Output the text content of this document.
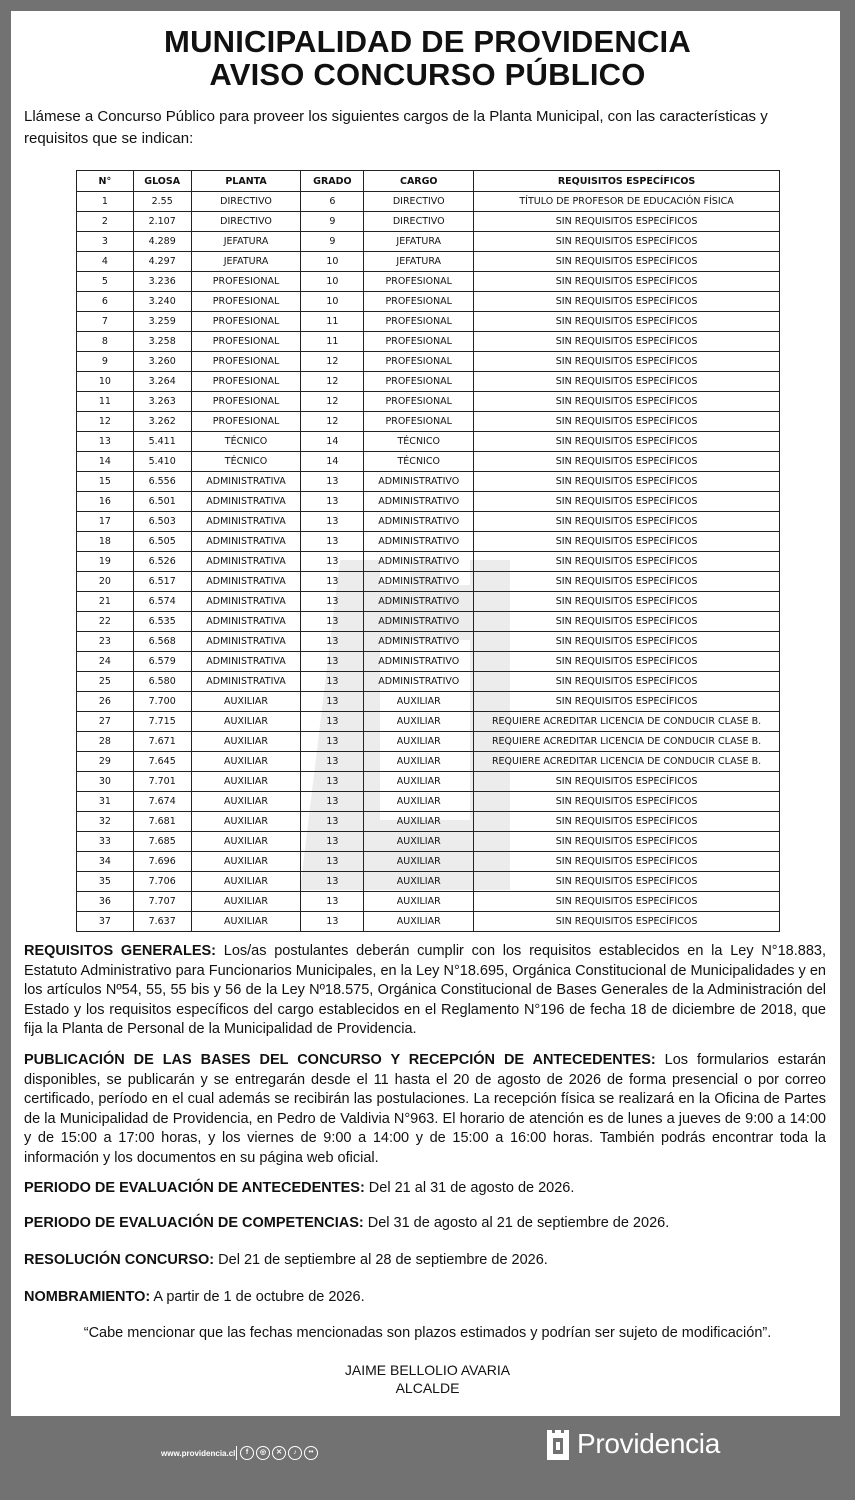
MUNICIPALIDAD DE PROVIDENCIA
AVISO CONCURSO PÚBLICO
Llámese a Concurso Público para proveer los siguientes cargos de la Planta Municipal, con las características y requisitos que se indican:
N°	GLOSA	PLANTA	GRADO	CARGO	REQUISITOS ESPECÍFICOS
1	2.55	DIRECTIVO	6	DIRECTIVO	TÍTULO DE PROFESOR DE EDUCACIÓN FÍSICA
2	2.107	DIRECTIVO	9	DIRECTIVO	SIN REQUISITOS ESPECÍFICOS
3	4.289	JEFATURA	9	JEFATURA	SIN REQUISITOS ESPECÍFICOS
4	4.297	JEFATURA	10	JEFATURA	SIN REQUISITOS ESPECÍFICOS
5	3.236	PROFESIONAL	10	PROFESIONAL	SIN REQUISITOS ESPECÍFICOS
6	3.240	PROFESIONAL	10	PROFESIONAL	SIN REQUISITOS ESPECÍFICOS
7	3.259	PROFESIONAL	11	PROFESIONAL	SIN REQUISITOS ESPECÍFICOS
8	3.258	PROFESIONAL	11	PROFESIONAL	SIN REQUISITOS ESPECÍFICOS
9	3.260	PROFESIONAL	12	PROFESIONAL	SIN REQUISITOS ESPECÍFICOS
10	3.264	PROFESIONAL	12	PROFESIONAL	SIN REQUISITOS ESPECÍFICOS
11	3.263	PROFESIONAL	12	PROFESIONAL	SIN REQUISITOS ESPECÍFICOS
12	3.262	PROFESIONAL	12	PROFESIONAL	SIN REQUISITOS ESPECÍFICOS
13	5.411	TÉCNICO	14	TÉCNICO	SIN REQUISITOS ESPECÍFICOS
14	5.410	TÉCNICO	14	TÉCNICO	SIN REQUISITOS ESPECÍFICOS
15	6.556	ADMINISTRATIVA	13	ADMINISTRATIVO	SIN REQUISITOS ESPECÍFICOS
16	6.501	ADMINISTRATIVA	13	ADMINISTRATIVO	SIN REQUISITOS ESPECÍFICOS
17	6.503	ADMINISTRATIVA	13	ADMINISTRATIVO	SIN REQUISITOS ESPECÍFICOS
18	6.505	ADMINISTRATIVA	13	ADMINISTRATIVO	SIN REQUISITOS ESPECÍFICOS
19	6.526	ADMINISTRATIVA	13	ADMINISTRATIVO	SIN REQUISITOS ESPECÍFICOS
20	6.517	ADMINISTRATIVA	13	ADMINISTRATIVO	SIN REQUISITOS ESPECÍFICOS
21	6.574	ADMINISTRATIVA	13	ADMINISTRATIVO	SIN REQUISITOS ESPECÍFICOS
22	6.535	ADMINISTRATIVA	13	ADMINISTRATIVO	SIN REQUISITOS ESPECÍFICOS
23	6.568	ADMINISTRATIVA	13	ADMINISTRATIVO	SIN REQUISITOS ESPECÍFICOS
24	6.579	ADMINISTRATIVA	13	ADMINISTRATIVO	SIN REQUISITOS ESPECÍFICOS
25	6.580	ADMINISTRATIVA	13	ADMINISTRATIVO	SIN REQUISITOS ESPECÍFICOS
26	7.700	AUXILIAR	13	AUXILIAR	SIN REQUISITOS ESPECÍFICOS
27	7.715	AUXILIAR	13	AUXILIAR	REQUIERE ACREDITAR LICENCIA DE CONDUCIR CLASE B.
28	7.671	AUXILIAR	13	AUXILIAR	REQUIERE ACREDITAR LICENCIA DE CONDUCIR CLASE B.
29	7.645	AUXILIAR	13	AUXILIAR	REQUIERE ACREDITAR LICENCIA DE CONDUCIR CLASE B.
30	7.701	AUXILIAR	13	AUXILIAR	SIN REQUISITOS ESPECÍFICOS
31	7.674	AUXILIAR	13	AUXILIAR	SIN REQUISITOS ESPECÍFICOS
32	7.681	AUXILIAR	13	AUXILIAR	SIN REQUISITOS ESPECÍFICOS
33	7.685	AUXILIAR	13	AUXILIAR	SIN REQUISITOS ESPECÍFICOS
34	7.696	AUXILIAR	13	AUXILIAR	SIN REQUISITOS ESPECÍFICOS
35	7.706	AUXILIAR	13	AUXILIAR	SIN REQUISITOS ESPECÍFICOS
36	7.707	AUXILIAR	13	AUXILIAR	SIN REQUISITOS ESPECÍFICOS
37	7.637	AUXILIAR	13	AUXILIAR	SIN REQUISITOS ESPECÍFICOS
REQUISITOS GENERALES: Los/as postulantes deberán cumplir con los requisitos establecidos en la Ley N°18.883, Estatuto Administrativo para Funcionarios Municipales, en la Ley N°18.695, Orgánica Constitucional de Municipalidades y en los artículos Nº54, 55, 55 bis y 56 de la Ley Nº18.575, Orgánica Constitucional de Bases Generales de la Administración del Estado y los requisitos específicos del cargo establecidos en el Reglamento N°196 de fecha 18 de diciembre de 2018, que fija la Planta de Personal de la Municipalidad de Providencia.
PUBLICACIÓN DE LAS BASES DEL CONCURSO Y RECEPCIÓN DE ANTECEDENTES: Los formularios estarán disponibles, se publicarán y se entregarán desde el 11 hasta el 20 de agosto de 2026 de forma presencial o por correo certificado, período en el cual además se recibirán las postulaciones. La recepción física se realizará en la Oficina de Partes de la Municipalidad de Providencia, en Pedro de Valdivia N°963. El horario de atención es de lunes a jueves de 9:00 a 14:00 y de 15:00 a 17:00 horas, y los viernes de 9:00 a 14:00 y de 15:00 a 16:00 horas. También podrás encontrar toda la información y los documentos en su página web oficial.
PERIODO DE EVALUACIÓN DE ANTECEDENTES: Del 21 al 31 de agosto de 2026.
PERIODO DE EVALUACIÓN DE COMPETENCIAS: Del 31 de agosto al 21 de septiembre de 2026.
RESOLUCIÓN CONCURSO: Del 21 de septiembre al 28 de septiembre de 2026.
NOMBRAMIENTO: A partir de 1 de octubre de 2026.
“Cabe mencionar que las fechas mencionadas son plazos estimados y podrían ser sujeto de modificación”.
JAIME BELLOLIO AVARIA
ALCALDE
www.providencia.cl	f	◎	✕	♪	••	Providencia
